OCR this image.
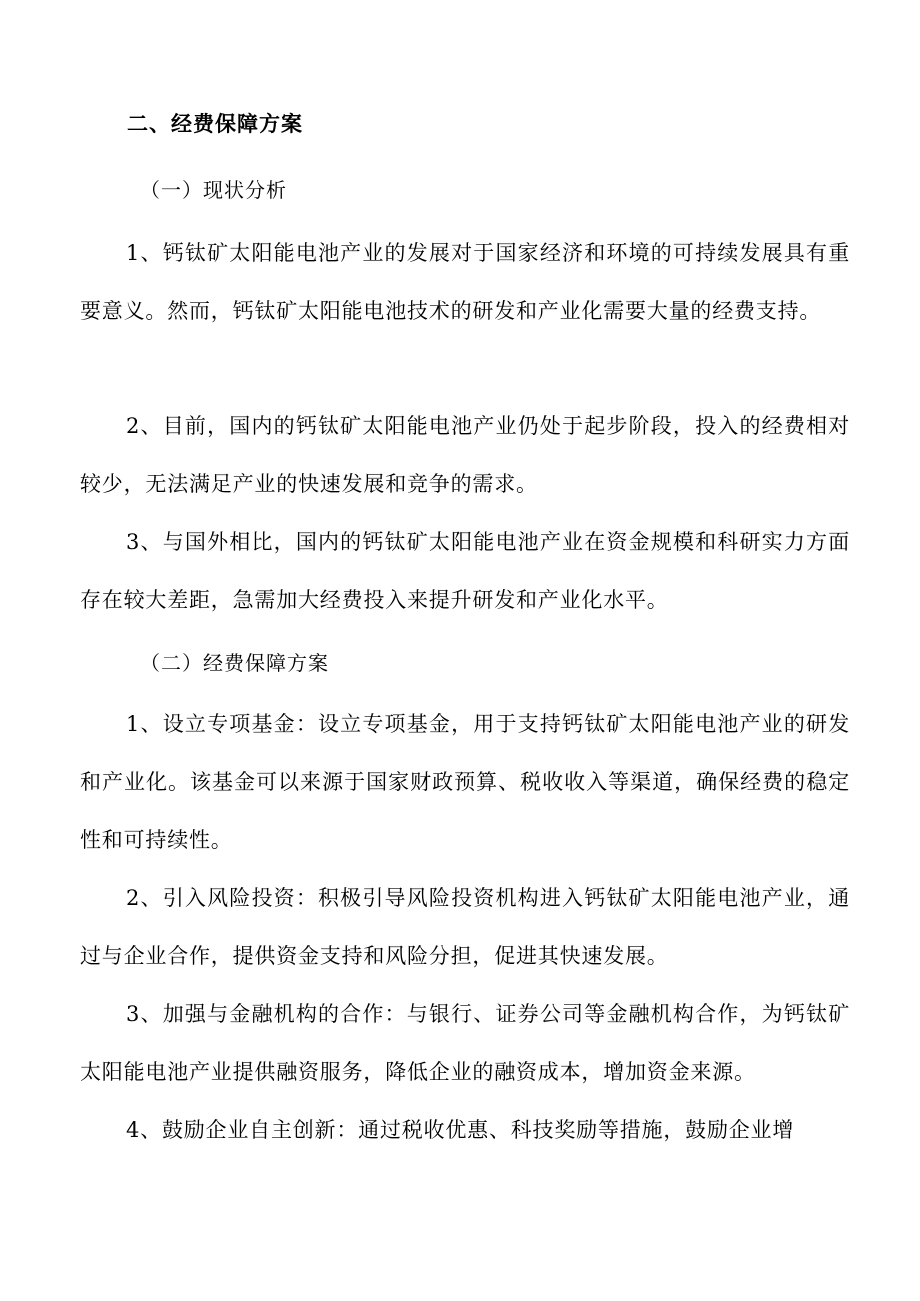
二、经费保障方案
（一）现状分析

1、钙钛矿太阳能电池产业的发展对于国家经济和环境的可持续发展具有重要意义。然而，钙钛矿太阳能电池技术的研发和产业化需要大量的经费支持。

2、目前，国内的钙钛矿太阳能电池产业仍处于起步阶段，投入的经费相对较少，无法满足产业的快速发展和竞争的需求。

3、与国外相比，国内的钙钛矿太阳能电池产业在资金规模和科研实力方面存在较大差距，急需加大经费投入来提升研发和产业化水平。

（二）经费保障方案

1、设立专项基金：设立专项基金，用于支持钙钛矿太阳能电池产业的研发和产业化。该基金可以来源于国家财政预算、税收收入等渠道，确保经费的稳定性和可持续性。

2、引入风险投资：积极引导风险投资机构进入钙钛矿太阳能电池产业，通过与企业合作，提供资金支持和风险分担，促进其快速发展。

3、加强与金融机构的合作：与银行、证券公司等金融机构合作，为钙钛矿太阳能电池产业提供融资服务，降低企业的融资成本，增加资金来源。

4、鼓励企业自主创新：通过税收优惠、科技奖励等措施，鼓励企业增
